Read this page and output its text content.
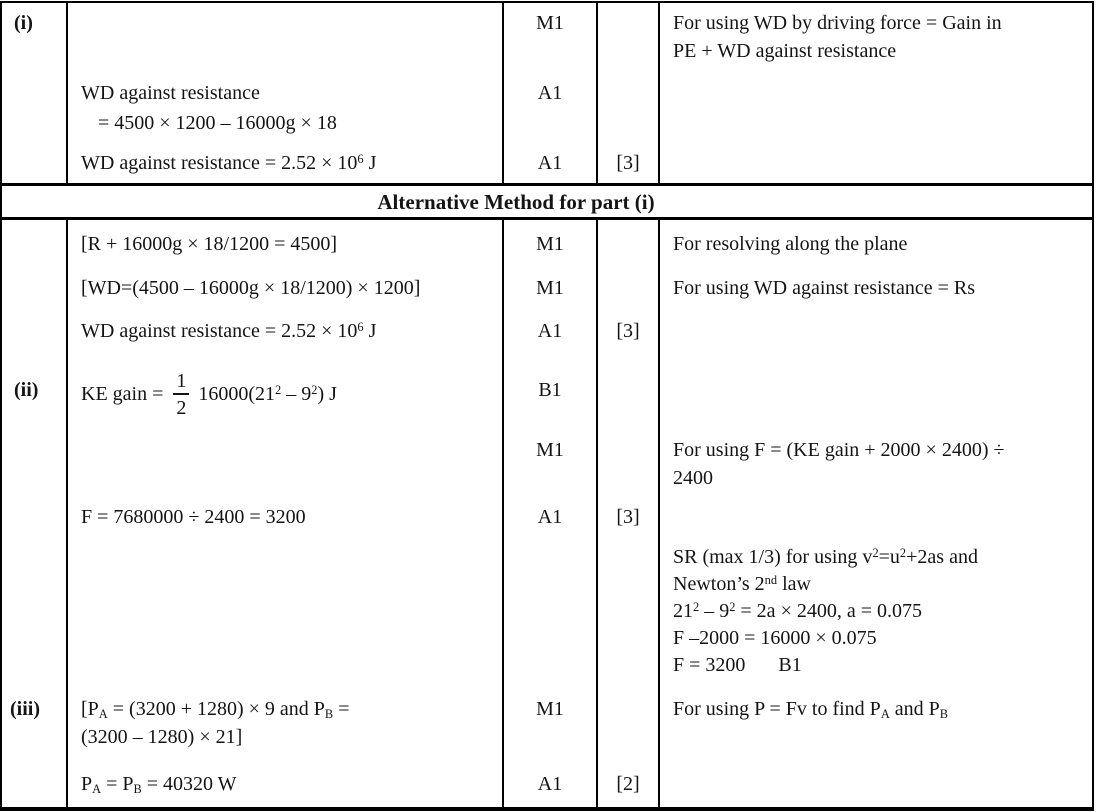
(i)
WD against resistance
= 4500 × 1200 – 16000g × 18
WD against resistance = $2.52 \times 10^6$ J
M1
A1
A1	[3]
For using WD by driving force = Gain in
PE + WD against resistance
Alternative Method for part (i)
(ii)
(iii)
[R + 16000g × 18/1200 = 4500]
[WD=(4500 – 16000g × 18/1200) × 1200]
WD against resistance = $2.52 \times 10^6$ J
KE gain = $\frac{1}{2} 16000(21^2 - 9^2)$ J
F = 7680000 ÷ 2400 = 3200
[$P_A = (3200 + 1280) \times 9$ and $P_B$ =
(3200 – 1280) × 21]
$P_A = P_B = 40320$ W
M1
M1
A1
B1
M1
A1
M1
A1
[3]
[3]
[2]
For resolving along the plane
For using WD against resistance = Rs
For using F = (KE gain + 2000 × 2400) ÷
2400
SR (max 1/3) for using $v^2=u^2+2as$ and
Newton’s 2nd law
$21^2 - 9^2 = 2a \times 2400$, a = 0.075
F –2000 = 16000 × 0.075
F = 3200 B1
For using P = Fv to find $P_A$ and $P_B$
